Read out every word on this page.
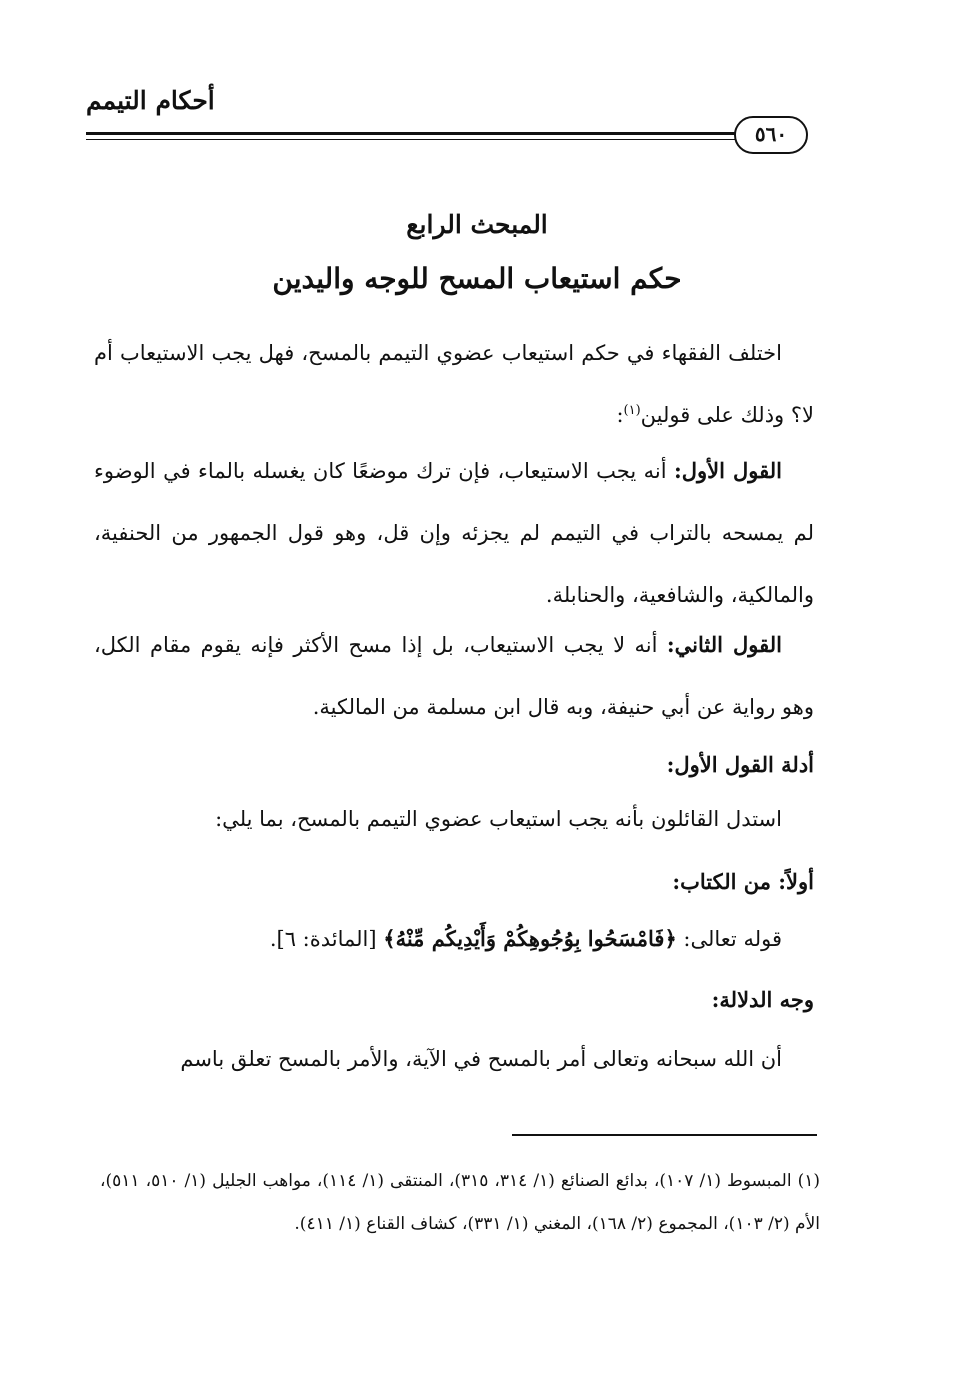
أحكام التيمم
٥٦٠
المبحث الرابع
حكم استيعاب المسح للوجه واليدين
اختلف الفقهاء في حكم استيعاب عضوي التيمم بالمسح، فهل يجب الاستيعاب أم لا؟ وذلك على قولين$^{(١)}$:
القول الأول: أنه يجب الاستيعاب، فإن ترك موضعًا كان يغسله بالماء في الوضوء لم يمسحه بالتراب في التيمم لم يجزئه وإن قل، وهو قول الجمهور من الحنفية، والمالكية، والشافعية، والحنابلة.
القول الثاني: أنه لا يجب الاستيعاب، بل إذا مسح الأكثر فإنه يقوم مقام الكل، وهو رواية عن أبي حنيفة، وبه قال ابن مسلمة من المالكية.
أدلة القول الأول:
استدل القائلون بأنه يجب استيعاب عضوي التيمم بالمسح، بما يلي:
أولاً: من الكتاب:
قوله تعالى: ﴿فَامْسَحُوا بِوُجُوهِكُمْ وَأَيْدِيكُم مِّنْهُ﴾ [المائدة: ٦].
وجه الدلالة:
أن الله سبحانه وتعالى أمر بالمسح في الآية، والأمر بالمسح تعلق باسم
(١) المبسوط (١/ ١٠٧)، بدائع الصنائع (١/ ٣١٤، ٣١٥)، المنتقى (١/ ١١٤)، مواهب الجليل (١/ ٥١٠، ٥١١)، الأم (٢/ ١٠٣)، المجموع (٢/ ١٦٨)، المغني (١/ ٣٣١)، كشاف القناع (١/ ٤١١).
